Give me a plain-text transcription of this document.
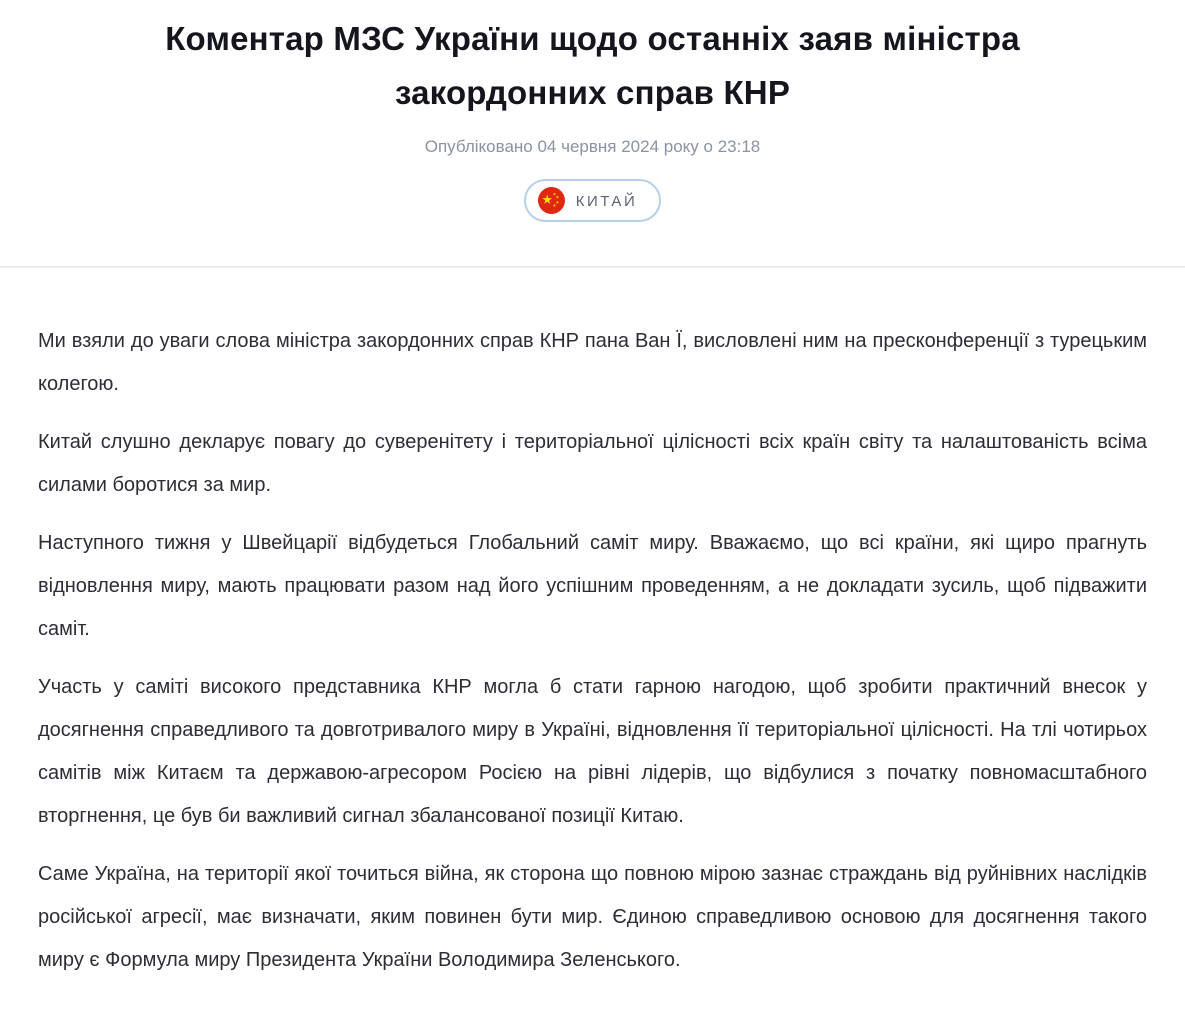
Коментар МЗС України щодо останніх заяв міністра закордонних справ КНР
Опубліковано 04 червня 2024 року о 23:18
КИТАЙ

Ми взяли до уваги слова міністра закордонних справ КНР пана Ван Ї, висловлені ним на пресконференції з турецьким колегою.

Китай слушно декларує повагу до суверенітету і територіальної цілісності всіх країн світу та налаштованість всіма силами боротися за мир.

Наступного тижня у Швейцарії відбудеться Глобальний саміт миру. Вважаємо, що всі країни, які щиро прагнуть відновлення миру, мають працювати разом над його успішним проведенням, а не докладати зусиль, щоб підважити саміт.

Участь у саміті високого представника КНР могла б стати гарною нагодою, щоб зробити практичний внесок у досягнення справедливого та довготривалого миру в Україні, відновлення її територіальної цілісності. На тлі чотирьох самітів між Китаєм та державою-агресором Росією на рівні лідерів, що відбулися з початку повномасштабного вторгнення, це був би важливий сигнал збалансованої позиції Китаю.

Саме Україна, на території якої точиться війна, як сторона що повною мірою зазнає страждань від руйнівних наслідків російської агресії, має визначати, яким повинен бути мир. Єдиною справедливою основою для досягнення такого миру є Формула миру Президента України Володимира Зеленського.
